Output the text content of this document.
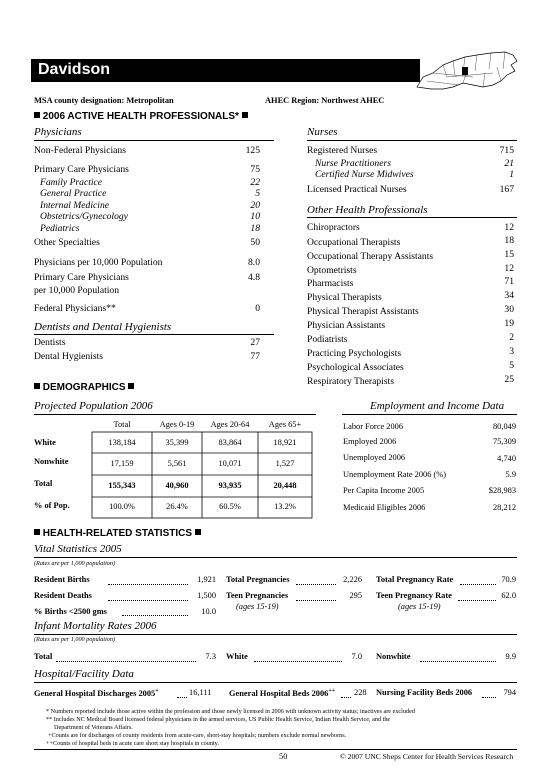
Davidson
MSA county designation: Metropolitan	AHEC Region: Northwest AHEC
2006 ACTIVE HEALTH PROFESSIONALS*
Physicians
Non-Federal Physicians	125
Primary Care Physicians	75
Family Practice	22
General Practice	5
Internal Medicine	20
Obstetrics/Gynecology	10
Pediatrics	18
Other Specialties	50
Physicians per 10,000 Population	8.0
Primary Care Physicians
per 10,000 Population
4.8
Federal Physicians**	0
Dentists and Dental Hygienists
Dentists	27
Dental Hygienists	77
Nurses
Registered Nurses	715
Nurse Practitioners	21
Certified Nurse Midwives	1
Licensed Practical Nurses	167
Other Health Professionals
Chiropractors	12
Occupational Therapists	18
Occupational Therapy Assistants	15
Optometrists	12
Pharmacists	71
Physical Therapists	34
Physical Therapist Assistants	30
Physician Assistants	19
Podiatrists	2
Practicing Psychologists	3
Psychological Associates	5
Respiratory Therapists	25
DEMOGRAPHICS
Projected Population 2006
Total	Ages 0-19	Ages 20-64	Ages 65+
White	138,184	35,399	83,864	18,921
Nonwhite	17,159	5,561	10,071	1,527
Total	155,343	40,960	93,935	20,448
% of Pop.	100.0%	26.4%	60.5%	13.2%
Employment and Income Data
Labor Force 2006	80,049
Employed 2006	75,309
Unemployed 2006	4,740
Unemployment Rate 2006 (%)	5.9
Per Capita Income 2005	$28,983
Medicaid Eligibles 2006	28,212
HEALTH-RELATED STATISTICS
Vital Statistics 2005
(Rates are per 1,000 population)
Resident Births	1,921
Resident Deaths	1,500
% Births <2500 gms	10.0
Total Pregnancies	2,226
Teen Pregnancies	295
(ages 15-19)
Total Pregnancy Rate	70.9
Teen Pregnancy Rate	62.0
(ages 15-19)
Infant Mortality Rates 2006
(Rates are per 1,000 population)
Total	7.3 White	7.0 Nonwhite	9.9
Hospital/Facility Data
General Hospital Discharges 2005+	16,111 General Hospital Beds 2006++ 228 Nursing Facility Beds 2006	794
* Numbers reported include those active within the profession and those newly licensed in 2006 with unknown activity status; inactives are excluded
** Includes NC Medical Board licensed federal physicians in the armed services, US Public Health Service, Indian Health Service, and the
Department of Veterans Affairs.
+Counts are for discharges of county residents from acute-care, short-stay hospitals; numbers exclude normal newborns.
++Counts of hospital beds in acute care short stay hospitals in county.
50	© 2007 UNC Sheps Center for Health Services Research
